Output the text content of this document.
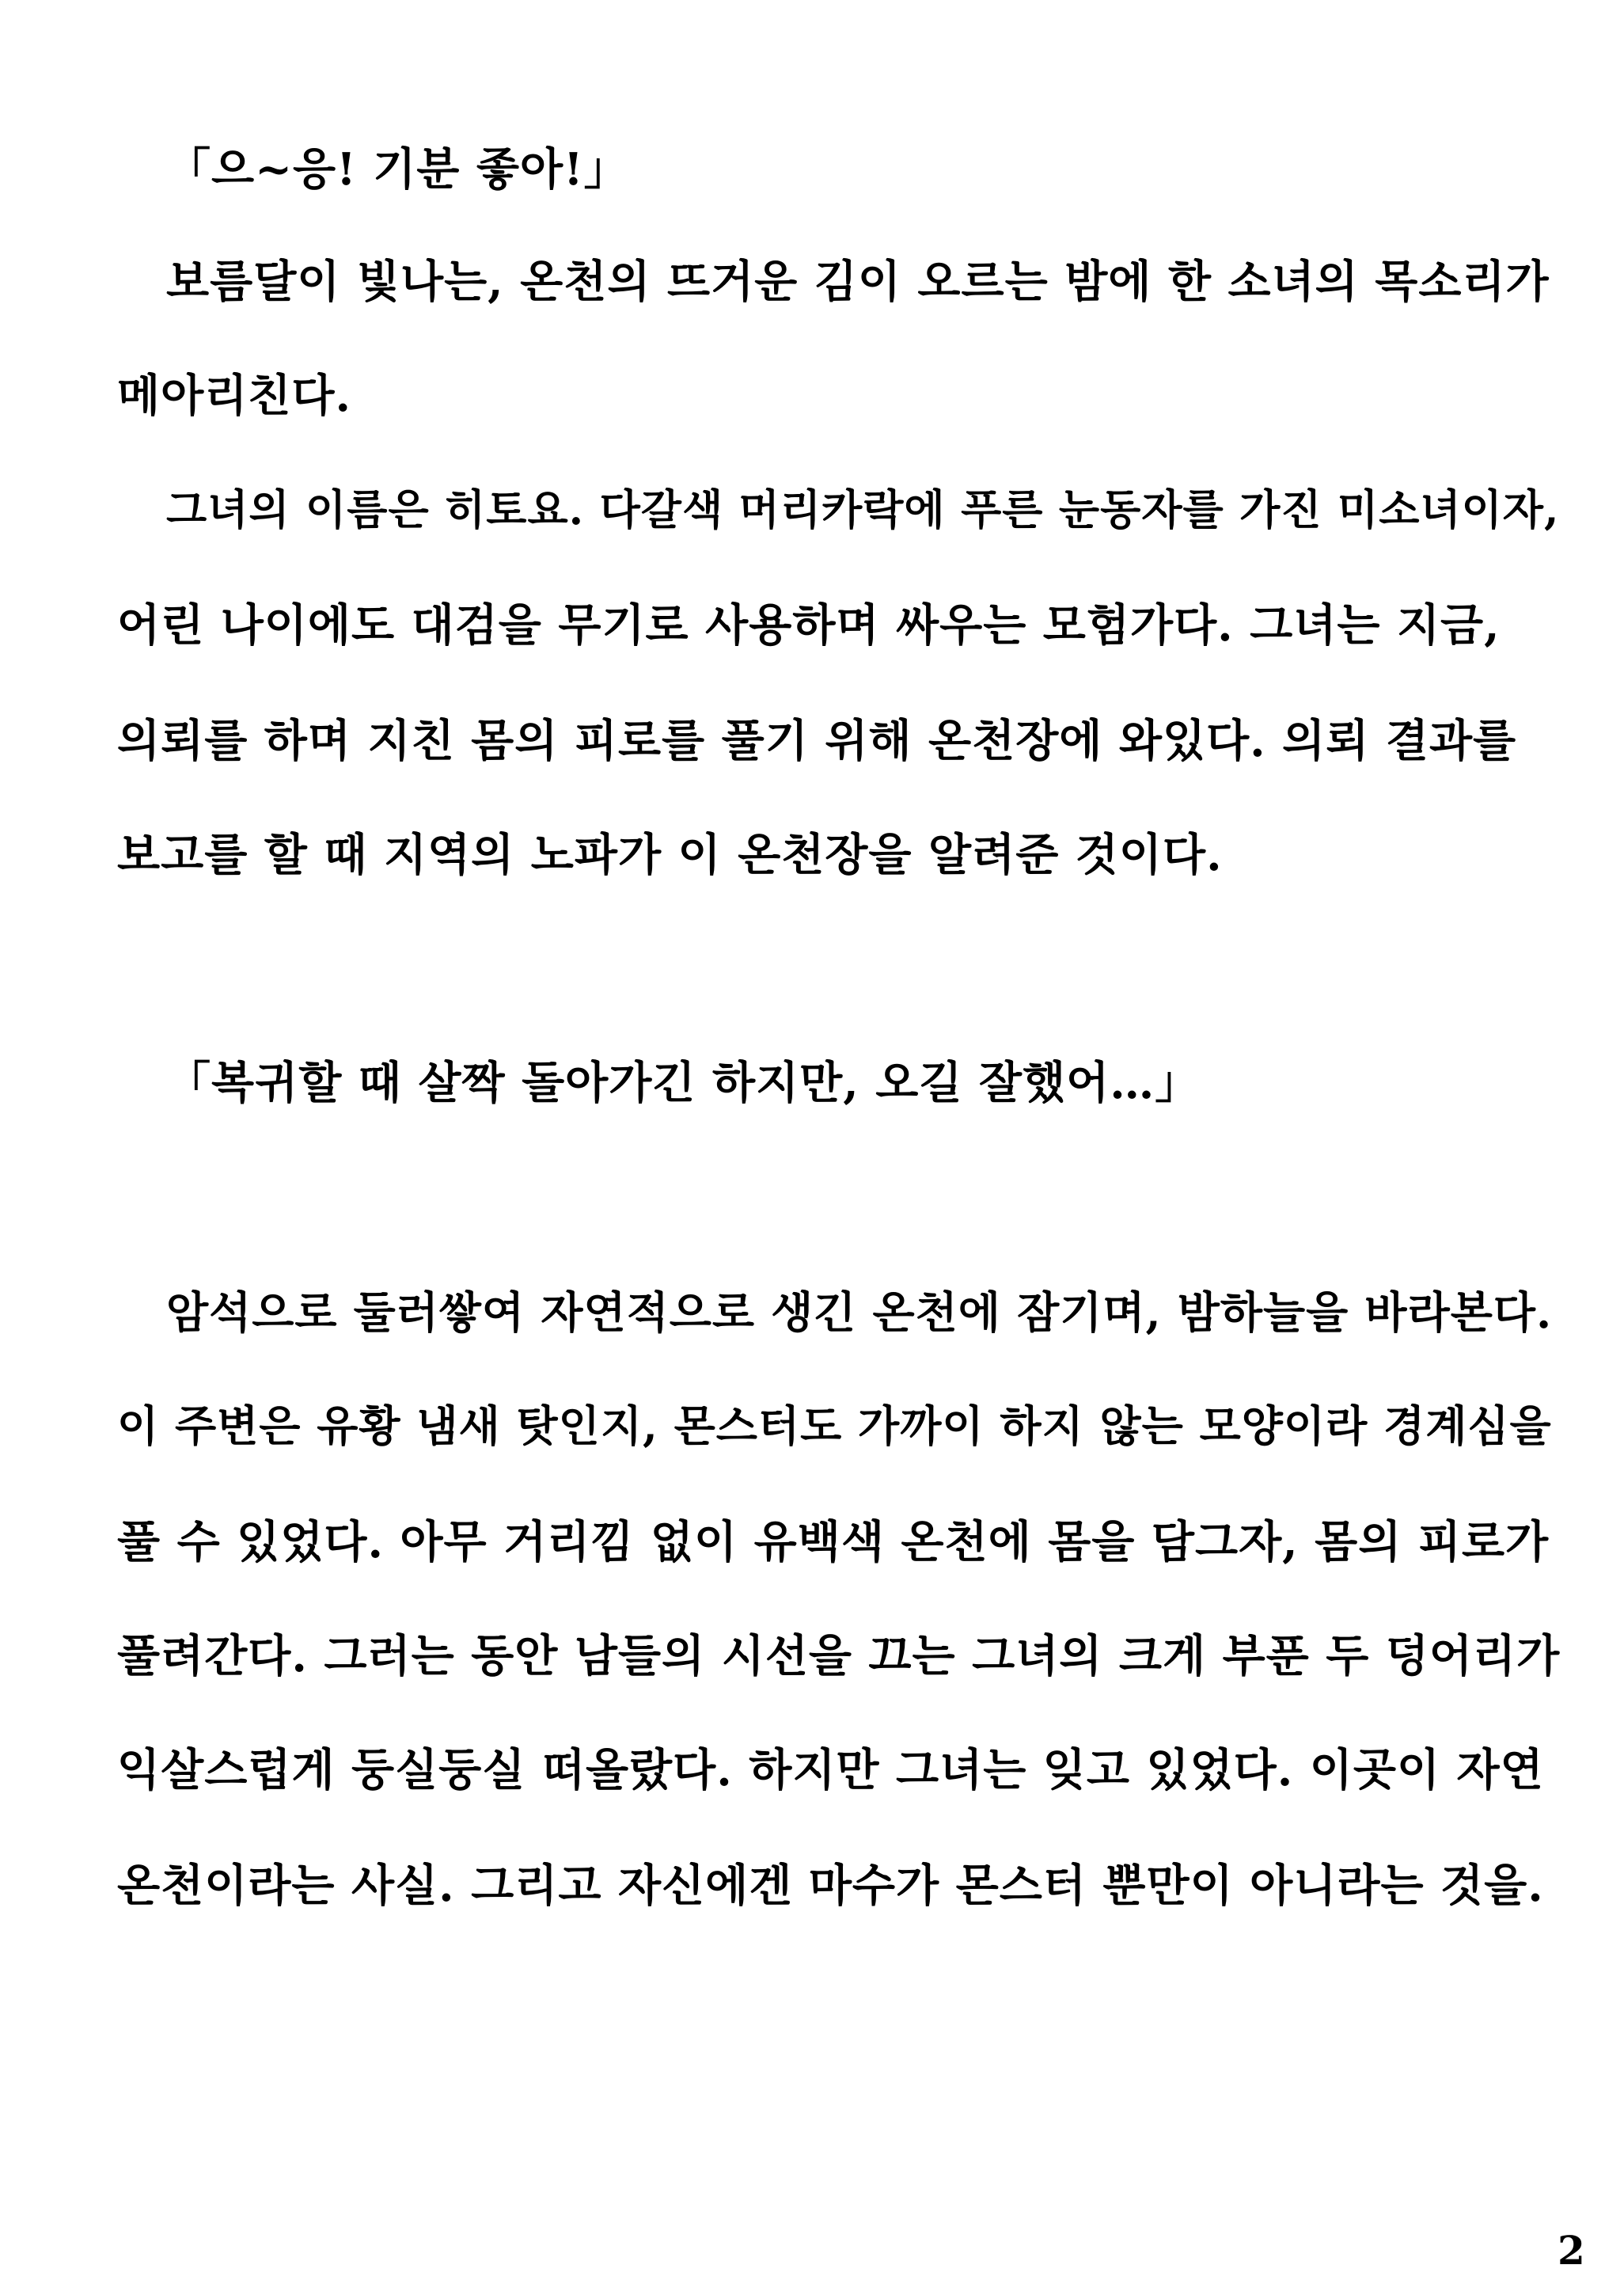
「으~응! 기분 좋아!」

보름달이 빛나는, 온천의 뜨거운 김이 오르는 밤에 한 소녀의 목소리가

메아리친다.

그녀의 이름은 히토요. 다갈색 머리카락에 푸른 눈동자를 가진 미소녀이자,

어린 나이에도 대검을 무기로 사용하며 싸우는 모험가다. 그녀는 지금,

의뢰를 하며 지친 몸의 피로를 풀기 위해 온천장에 와있다. 의뢰 결과를

보고를 할 때 지역의 노파가 이 온천장을 알려준 것이다.

「복귀할 때 살짝 돌아가긴 하지만, 오길 잘했어…」

암석으로 둘러쌓여 자연적으로 생긴 온천에 잠기며, 밤하늘을 바라본다.

이 주변은 유황 냄새 탓인지, 몬스터도 가까이 하지 않는 모양이라 경계심을

풀 수 있었다. 아무 거리낌 없이 유백색 온천에 몸을 담그자, 몸의 피로가

풀려간다. 그러는 동안 남들의 시선을 끄는 그녀의 크게 부푼 두 덩어리가

익살스럽게 둥실둥실 떠올랐다. 하지만 그녀는 잊고 있었다. 이곳이 자연

온천이라는 사실. 그리고 자신에겐 마수가 몬스터 뿐만이 아니라는 것을.

2
